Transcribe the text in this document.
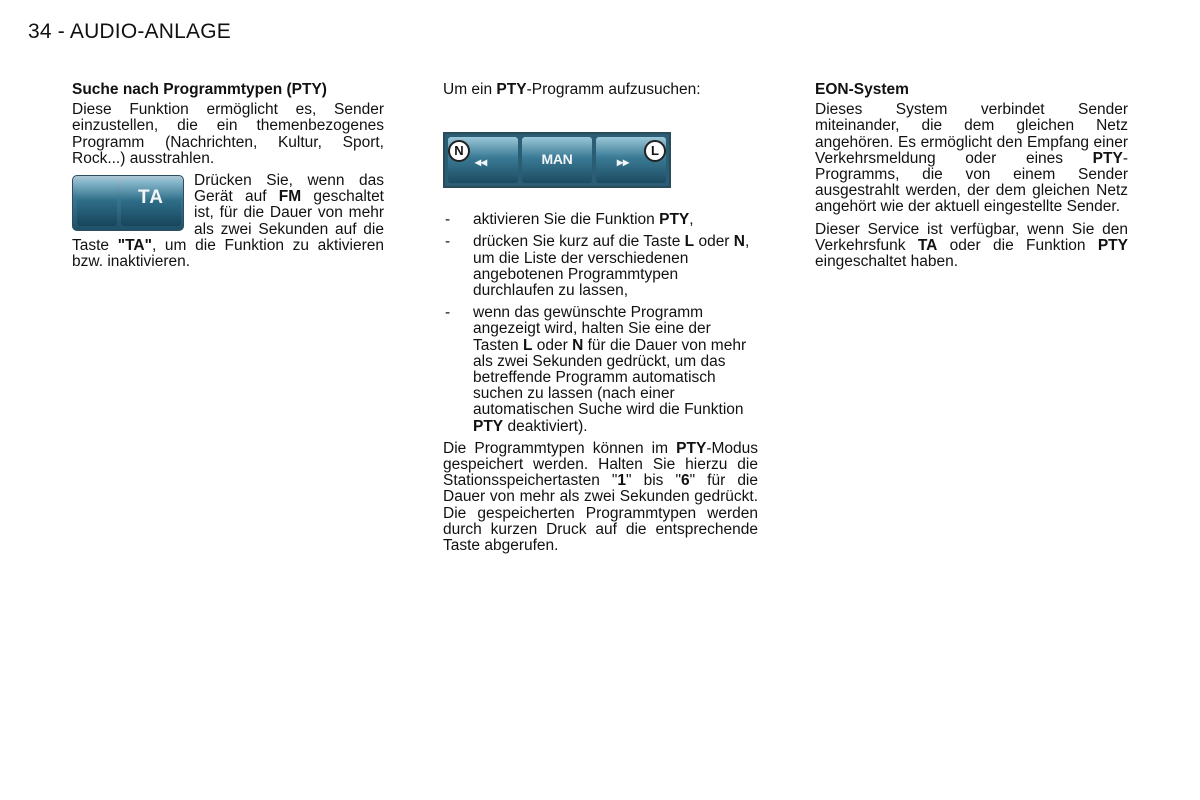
34 - AUDIO-ANLAGE

Suche nach Programmtypen (PTY)

Diese Funktion ermöglicht es, Sender einzustellen, die ein themenbezogenes Programm (Nachrichten, Kultur, Sport, Rock...) ausstrahlen.

TA

Drücken Sie, wenn das Gerät auf FM geschaltet ist, für die Dauer von mehr als zwei Sekunden auf die Taste "TA", um die Funktion zu aktivieren bzw. inaktivieren.

Um ein PTY-Programm aufzusuchen:

◂◂	MAN	▸▸
N	L
- aktivieren Sie die Funktion PTY,
- drücken Sie kurz auf die Taste L oder N, um die Liste der verschiedenen angebotenen Programmtypen durchlaufen zu lassen,
- wenn das gewünschte Programm angezeigt wird, halten Sie eine der Tasten L oder N für die Dauer von mehr als zwei Sekunden gedrückt, um das betreffende Programm automatisch suchen zu lassen (nach einer automatischen Suche wird die Funktion PTY deaktiviert).

Die Programmtypen können im PTY-Modus gespeichert werden. Halten Sie hierzu die Stationsspeichertasten "1" bis "6" für die Dauer von mehr als zwei Sekunden gedrückt. Die gespeicherten Programmtypen werden durch kurzen Druck auf die entsprechende Taste abgerufen.

EON-System

Dieses System verbindet Sender miteinander, die dem gleichen Netz angehören. Es ermöglicht den Empfang einer Verkehrsmeldung oder eines PTY-Programms, die von einem Sender ausgestrahlt werden, der dem gleichen Netz angehört wie der aktuell eingestellte Sender.

Dieser Service ist verfügbar, wenn Sie den Verkehrsfunk TA oder die Funktion PTY eingeschaltet haben.
